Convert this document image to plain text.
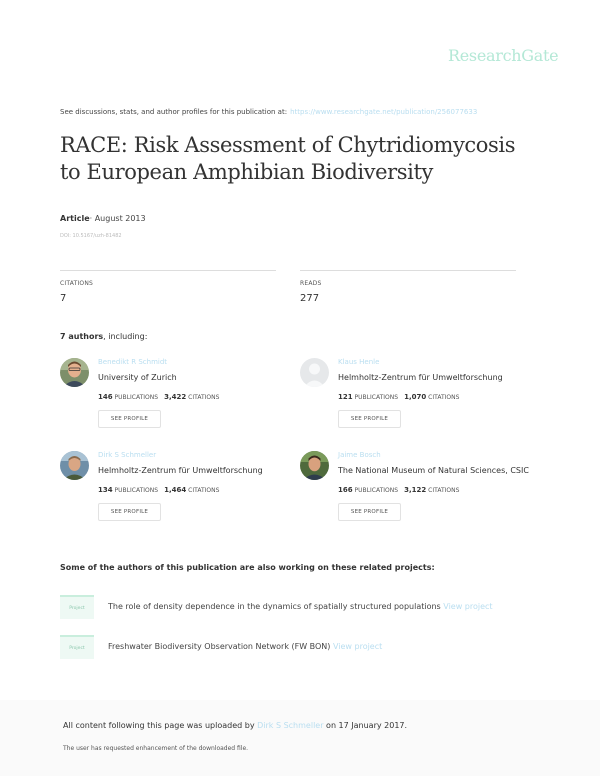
ResearchGate
See discussions, stats, and author profiles for this publication at: https://www.researchgate.net/publication/256077633
RACE: Risk Assessment of Chytridiomycosis to European Amphibian Biodiversity
Article· August 2013
DOI: 10.5167/uzh-81482
CITATIONS
7
READS
277
7 authors, including:
Benedikt R Schmidt
University of Zurich
146 PUBLICATIONS 3,422 CITATIONS
SEE PROFILE
Klaus Henle
Helmholtz-Zentrum für Umweltforschung
121 PUBLICATIONS 1,070 CITATIONS
SEE PROFILE
Dirk S Schmeller
Helmholtz-Zentrum für Umweltforschung
134 PUBLICATIONS 1,464 CITATIONS
SEE PROFILE
Jaime Bosch
The National Museum of Natural Sciences, CSIC
166 PUBLICATIONS 3,122 CITATIONS
SEE PROFILE
Some of the authors of this publication are also working on these related projects:
Project	The role of density dependence in the dynamics of spatially structured populations View project
Project	Freshwater Biodiversity Observation Network (FW BON) View project
All content following this page was uploaded by Dirk S Schmeller on 17 January 2017.
The user has requested enhancement of the downloaded file.
